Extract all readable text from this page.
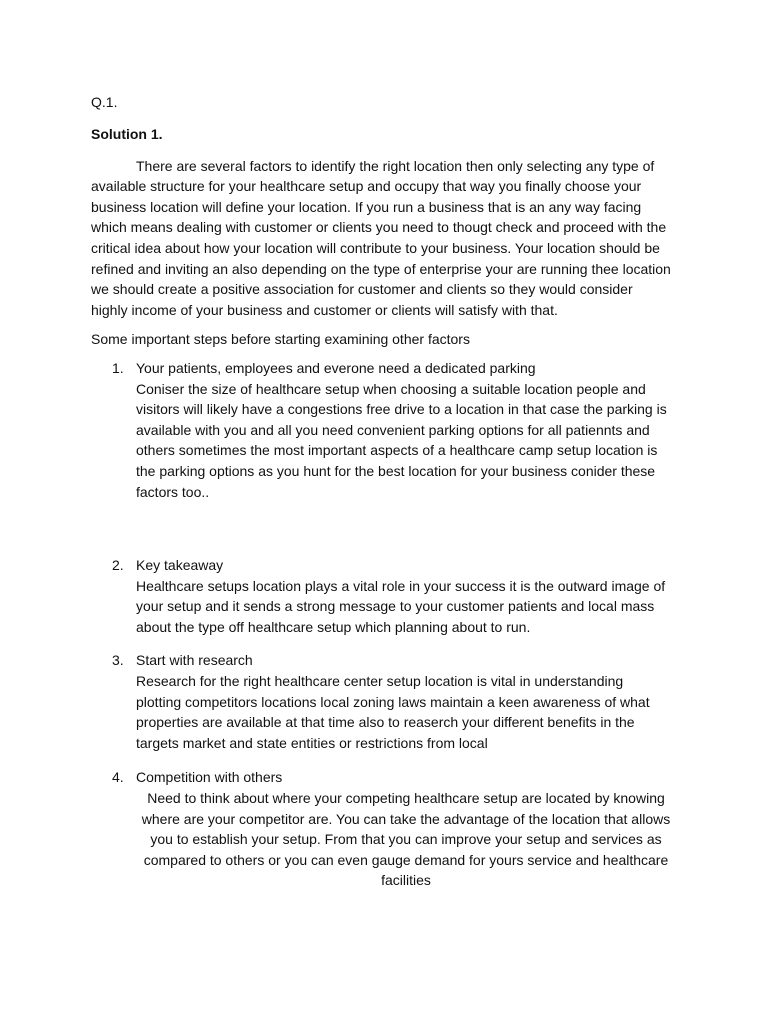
Q.1.

Solution 1.

There are several factors to identify the right location then only selecting any type of available structure for your healthcare setup and occupy that way you finally choose your business location will define your location. If you run a business that is an any way facing which means dealing with customer or clients you need to thougt check and proceed with the critical idea about how your location will contribute to your business. Your location should be refined and inviting an also depending on the type of enterprise your are running thee location we should create a positive association for customer and clients so they would consider highly income of your business and customer or clients will satisfy with that.

Some important steps before starting examining other factors

1. Your patients, employees and everone need a dedicated parking
Coniser the size of healthcare setup when choosing a suitable location people and visitors will likely have a congestions free drive to a location in that case the parking is available with you and all you need convenient parking options for all patiennts and others sometimes the most important aspects of a healthcare camp setup location is the parking options as you hunt for the best location for your business conider these factors too..
2. Key takeaway
Healthcare setups location plays a vital role in your success it is the outward image of your setup and it sends a strong message to your customer patients and local mass about the type off healthcare setup which planning about to run.
3. Start with research
Research for the right healthcare center setup location is vital in understanding plotting competitors locations local zoning laws maintain a keen awareness of what properties are available at that time also to reaserch your different benefits in the targets market and state entities or restrictions from local
4. Competition with others
Need to think about where your competing healthcare setup are located by knowing where are your competitor are. You can take the advantage of the location that allows you to establish your setup. From that you can improve your setup and services as compared to others or you can even gauge demand for yours service and healthcare facilities
